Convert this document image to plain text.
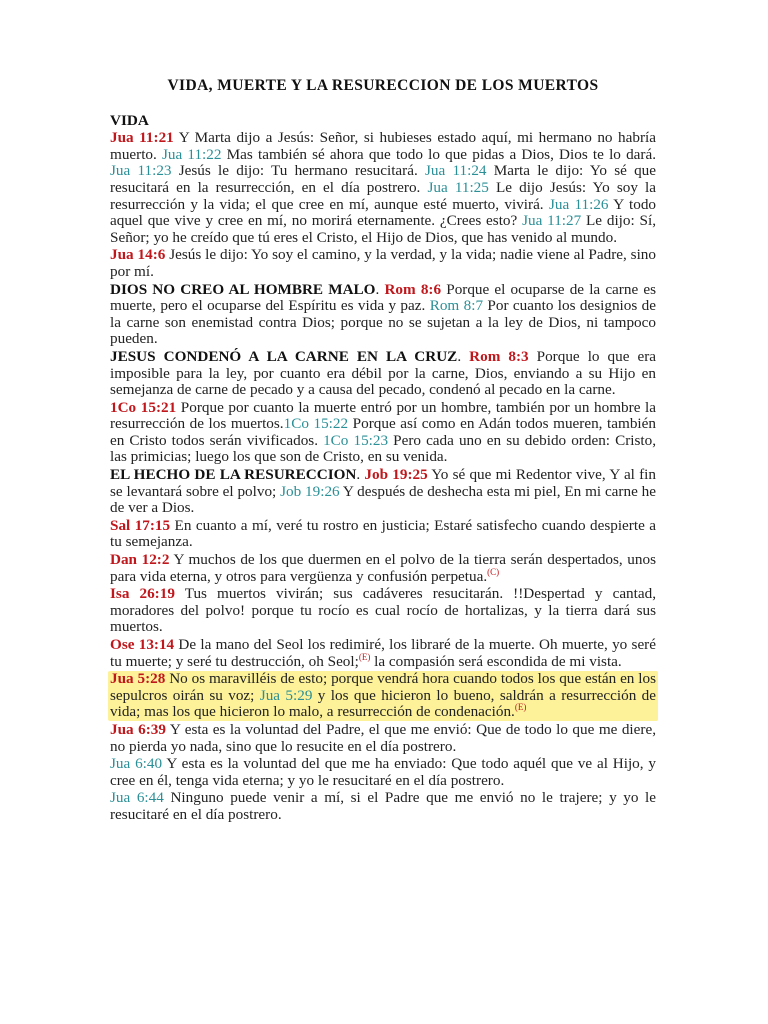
VIDA, MUERTE Y LA RESURECCION DE LOS MUERTOS

VIDA

Jua 11:21 Y Marta dijo a Jesús: Señor, si hubieses estado aquí, mi hermano no habría muerto. Jua 11:22 Mas también sé ahora que todo lo que pidas a Dios, Dios te lo dará. Jua 11:23 Jesús le dijo: Tu hermano resucitará. Jua 11:24 Marta le dijo: Yo sé que resucitará en la resurrección, en el día postrero. Jua 11:25 Le dijo Jesús: Yo soy la resurrección y la vida; el que cree en mí, aunque esté muerto, vivirá. Jua 11:26 Y todo aquel que vive y cree en mí, no morirá eternamente. ¿Crees esto? Jua 11:27 Le dijo: Sí, Señor; yo he creído que tú eres el Cristo, el Hijo de Dios, que has venido al mundo.

Jua 14:6 Jesús le dijo: Yo soy el camino, y la verdad, y la vida; nadie viene al Padre, sino por mí.

DIOS NO CREO AL HOMBRE MALO. Rom 8:6 Porque el ocuparse de la carne es muerte, pero el ocuparse del Espíritu es vida y paz. Rom 8:7 Por cuanto los designios de la carne son enemistad contra Dios; porque no se sujetan a la ley de Dios, ni tampoco pueden.

JESUS CONDENÓ A LA CARNE EN LA CRUZ. Rom 8:3 Porque lo que era imposible para la ley, por cuanto era débil por la carne, Dios, enviando a su Hijo en semejanza de carne de pecado y a causa del pecado, condenó al pecado en la carne.

1Co 15:21 Porque por cuanto la muerte entró por un hombre, también por un hombre la resurrección de los muertos.1Co 15:22 Porque así como en Adán todos mueren, también en Cristo todos serán vivificados. 1Co 15:23 Pero cada uno en su debido orden: Cristo, las primicias; luego los que son de Cristo, en su venida.

EL HECHO DE LA RESURECCION. Job 19:25 Yo sé que mi Redentor vive, Y al fin se levantará sobre el polvo; Job 19:26 Y después de deshecha esta mi piel, En mi carne he de ver a Dios.

Sal 17:15 En cuanto a mí, veré tu rostro en justicia; Estaré satisfecho cuando despierte a tu semejanza.

Dan 12:2 Y muchos de los que duermen en el polvo de la tierra serán despertados, unos para vida eterna, y otros para vergüenza y confusión perpetua.$^{(C)}$

Isa 26:19 Tus muertos vivirán; sus cadáveres resucitarán. !!Despertad y cantad, moradores del polvo! porque tu rocío es cual rocío de hortalizas, y la tierra dará sus muertos.

Ose 13:14 De la mano del Seol los redimiré, los libraré de la muerte. Oh muerte, yo seré tu muerte; y seré tu destrucción, oh Seol;$^{(E)}$ la compasión será escondida de mi vista.

Jua 5:28 No os maravilléis de esto; porque vendrá hora cuando todos los que están en los sepulcros oirán su voz; Jua 5:29 y los que hicieron lo bueno, saldrán a resurrección de vida; mas los que hicieron lo malo, a resurrección de condenación.$^{(E)}$

Jua 6:39 Y esta es la voluntad del Padre, el que me envió: Que de todo lo que me diere, no pierda yo nada, sino que lo resucite en el día postrero.

Jua 6:40 Y esta es la voluntad del que me ha enviado: Que todo aquél que ve al Hijo, y cree en él, tenga vida eterna; y yo le resucitaré en el día postrero.

Jua 6:44 Ninguno puede venir a mí, si el Padre que me envió no le trajere; y yo le resucitaré en el día postrero.
